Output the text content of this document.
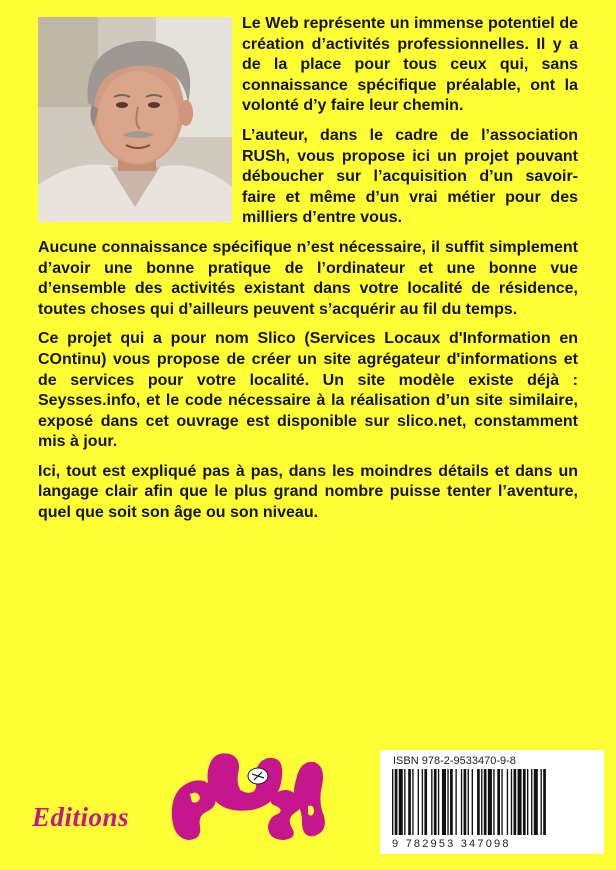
Le Web représente un immense potentiel de création d’activités professionnelles. Il y a de la place pour tous ceux qui, sans connaissance spécifique préalable, ont la volonté d’y faire leur chemin.

L’auteur, dans le cadre de l’association RUSh, vous propose ici un projet pouvant déboucher sur l’acquisition d’un savoir-faire et même d’un vrai métier pour des milliers d’entre vous.

Aucune connaissance spécifique n’est nécessaire, il suffit simplement d’avoir une bonne pratique de l’ordinateur et une bonne vue d’ensemble des activités existant dans votre localité de résidence, toutes choses qui d’ailleurs peuvent s’acquérir au fil du temps.

Ce projet qui a pour nom Slico (Services Locaux d'Information en COntinu) vous propose de créer un site agrégateur d'informations et de services pour votre localité. Un site modèle existe déjà : Seysses.info, et le code nécessaire à la réalisation d’un site similaire, exposé dans cet ouvrage est disponible sur slico.net, constamment mis à jour.

Ici, tout est expliqué pas à pas, dans les moindres détails et dans un langage clair afin que le plus grand nombre puisse tenter l’aventure, quel que soit son âge ou son niveau.

Editions
ISBN 978-2-9533470-9-8
9 782953 347098
